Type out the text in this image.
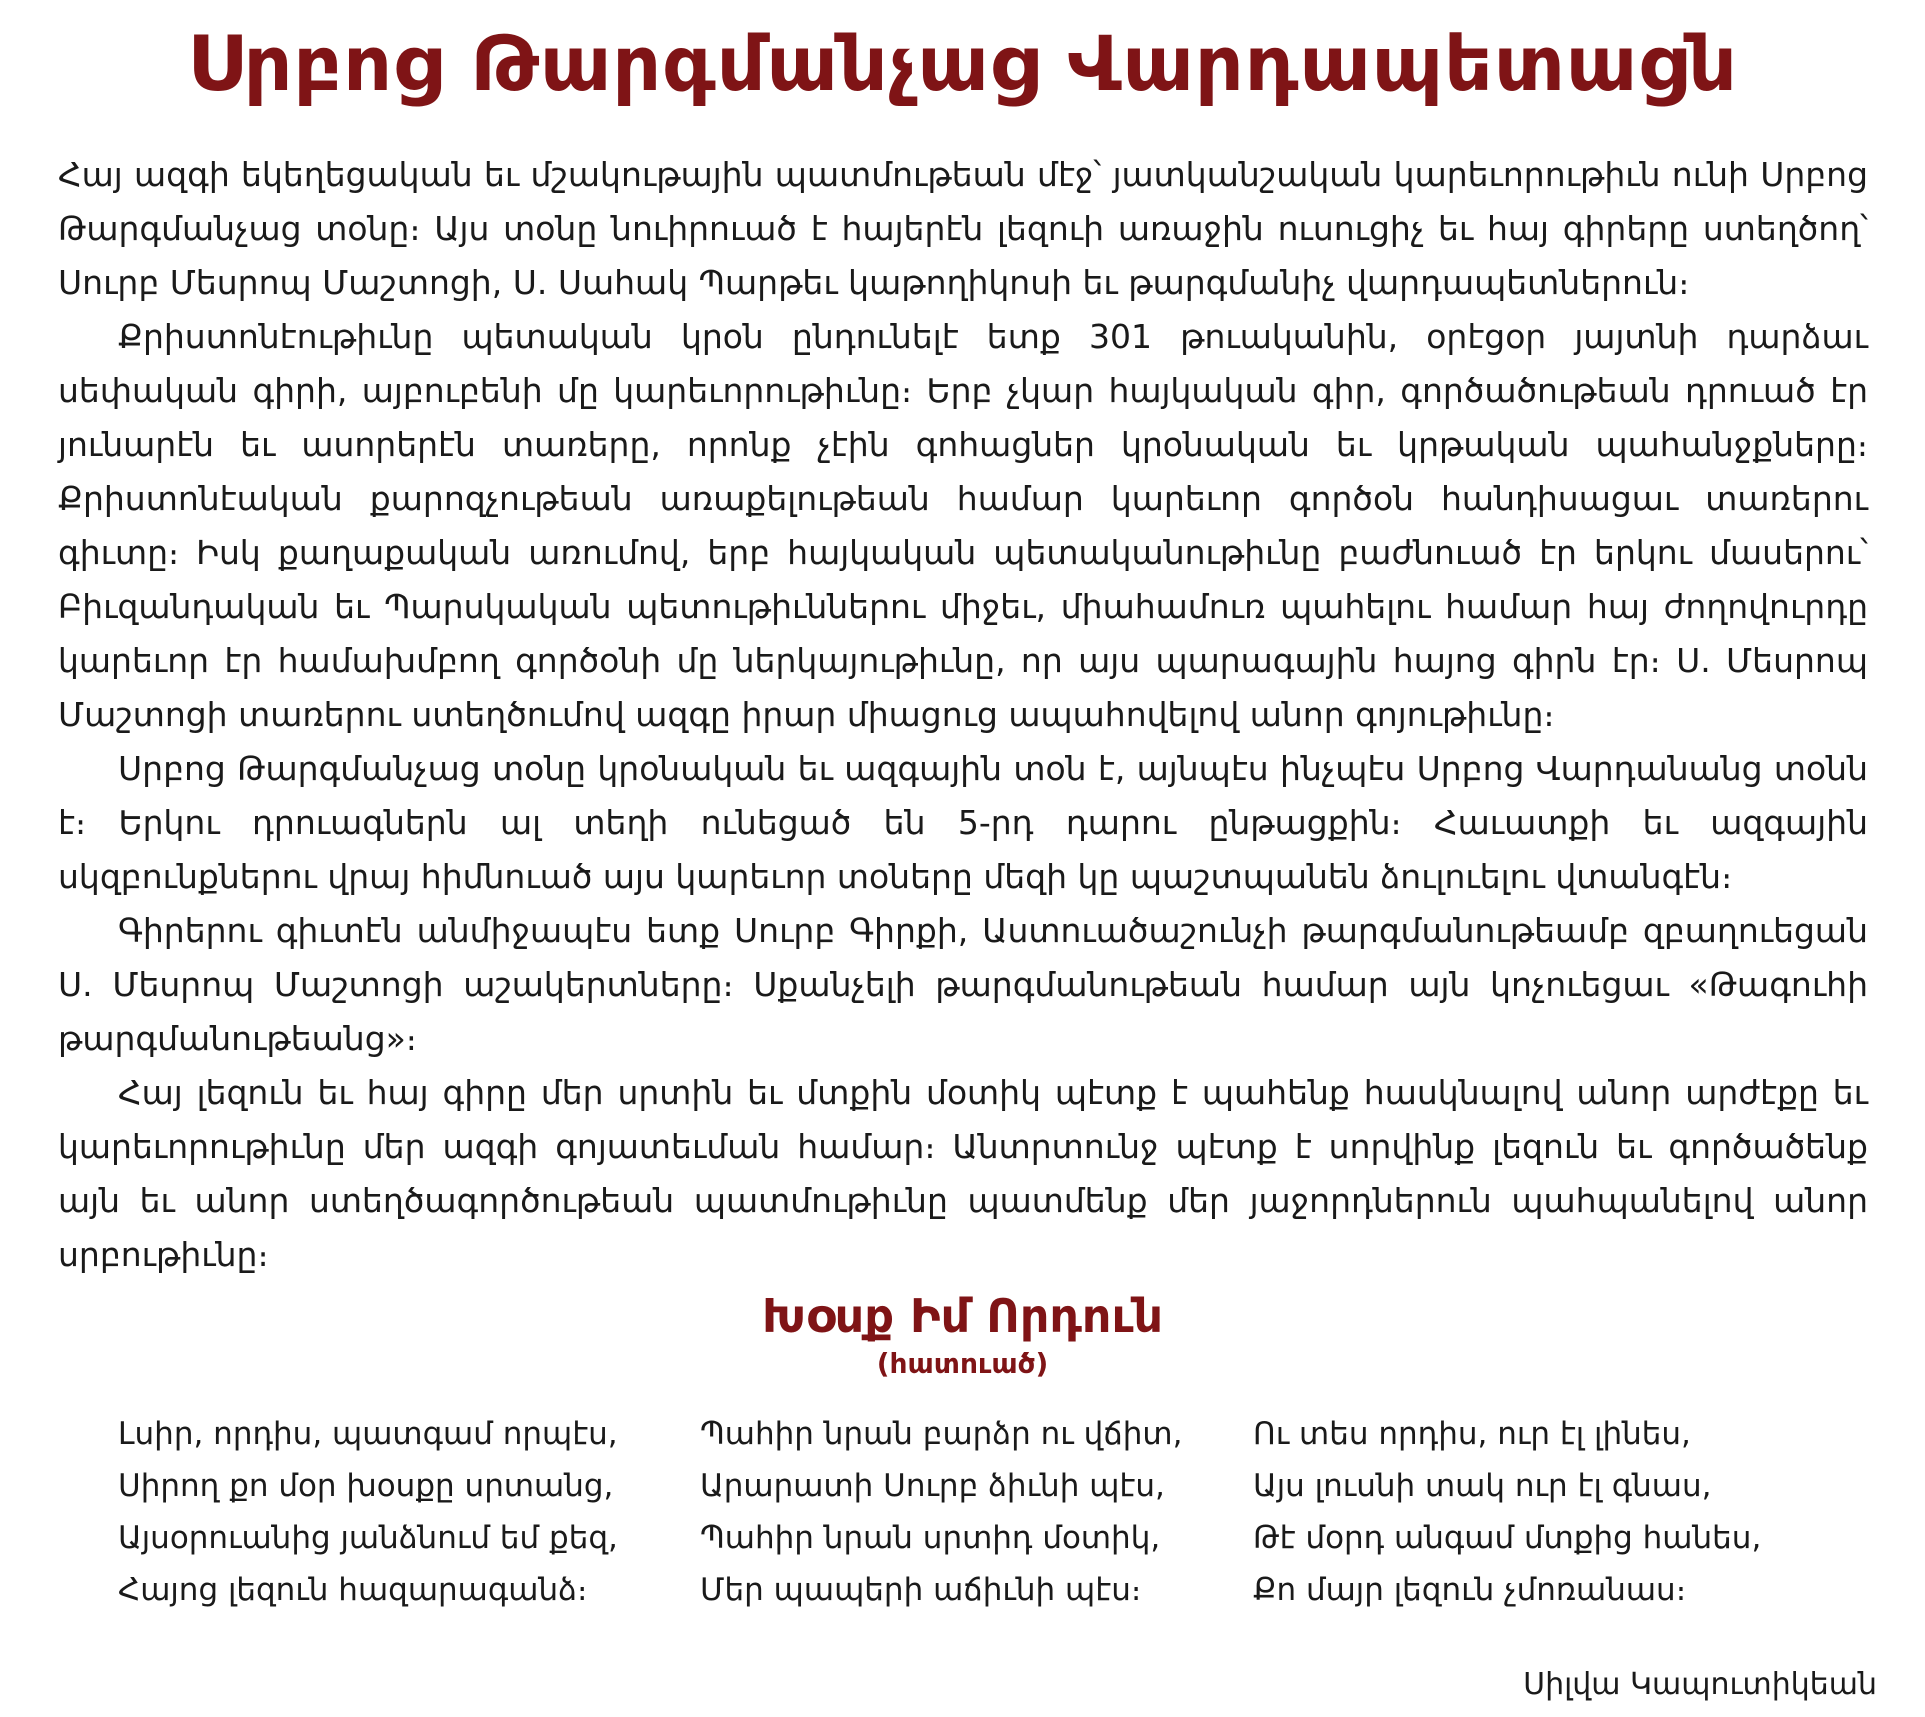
Սրբոց Թարգմանչաց Վարդապետացն

Հայ ազգի եկեղեցական եւ մշակութային պատմութեան մէջ՝ յատկանշական կարեւորութիւն ունի Սրբոց Թարգմանչաց տօնը։ Այս տօնը նուիրուած է հայերէն լեզուի առաջին ուսուցիչ եւ հայ գիրերը ստեղծող՝ Սուրբ Մեսրոպ Մաշտոցի, Ս. Սահակ Պարթեւ կաթողիկոսի եւ թարգմանիչ վարդապետներուն։

Քրիստոնէութիւնը պետական կրօն ընդունելէ ետք 301 թուականին, օրէցօր յայտնի դարձաւ սեփական գիրի, այբուբենի մը կարեւորութիւնը։ Երբ չկար հայկական գիր, գործածութեան դրուած էր յունարէն եւ ասորերէն տառերը, որոնք չէին գոհացներ կրօնական եւ կրթական պահանջքները։ Քրիստոնէական քարոզչութեան առաքելութեան համար կարեւոր գործօն հանդիսացաւ տառերու գիւտը։ Իսկ քաղաքական առումով, երբ հայկական պետականութիւնը բաժնուած էր երկու մասերու՝ Բիւզանդական եւ Պարսկական պետութիւններու միջեւ, միահամուռ պահելու համար հայ ժողովուրդը կարեւոր էր համախմբող գործօնի մը ներկայութիւնը, որ այս պարագային հայոց գիրն էր։ Ս. Մեսրոպ Մաշտոցի տառերու ստեղծումով ազգը իրար միացուց ապահովելով անոր գոյութիւնը։

Սրբոց Թարգմանչաց տօնը կրօնական եւ ազգային տօն է, այնպէս ինչպէս Սրբոց Վարդանանց տօնն է։ Երկու դրուագներն ալ տեղի ունեցած են 5-րդ դարու ընթացքին։ Հաւատքի եւ ազգային սկզբունքներու վրայ հիմնուած այս կարեւոր տօները մեզի կը պաշտպանեն ձուլուելու վտանգէն։

Գիրերու գիւտէն անմիջապէս ետք Սուրբ Գիրքի, Աստուածաշունչի թարգմանութեամբ զբաղուեցան Ս. Մեսրոպ Մաշտոցի աշակերտները։ Սքանչելի թարգմանութեան համար այն կոչուեցաւ «Թագուհի թարգմանութեանց»։

Հայ լեզուն եւ հայ գիրը մեր սրտին եւ մտքին մօտիկ պէտք է պահենք հասկնալով անոր արժէքը եւ կարեւորութիւնը մեր ազգի գոյատեւման համար։ Անտրտունջ պէտք է սորվինք լեզուն եւ գործածենք այն եւ անոր ստեղծագործութեան պատմութիւնը պատմենք մեր յաջորդներուն պահպանելով անոր սրբութիւնը։

Խօսք Իմ Որդուն
(հատուած)
Լսիր, որդիս, պատգամ որպէս,
Սիրող քո մօր խօսքը սրտանց,
Այսօրուանից յանձնում եմ քեզ,
Հայոց լեզուն հազարագանձ։
Պահիր նրան բարձր ու վճիտ,
Արարատի Սուրբ ձիւնի պէս,
Պահիր նրան սրտիդ մօտիկ,
Մեր պապերի աճիւնի պէս։
Ու տես որդիս, ուր էլ լինես,
Այս լուսնի տակ ուր էլ գնաս,
Թէ մօրդ անգամ մտքից հանես,
Քո մայր լեզուն չմոռանաս։
Սիլվա Կապուտիկեան
